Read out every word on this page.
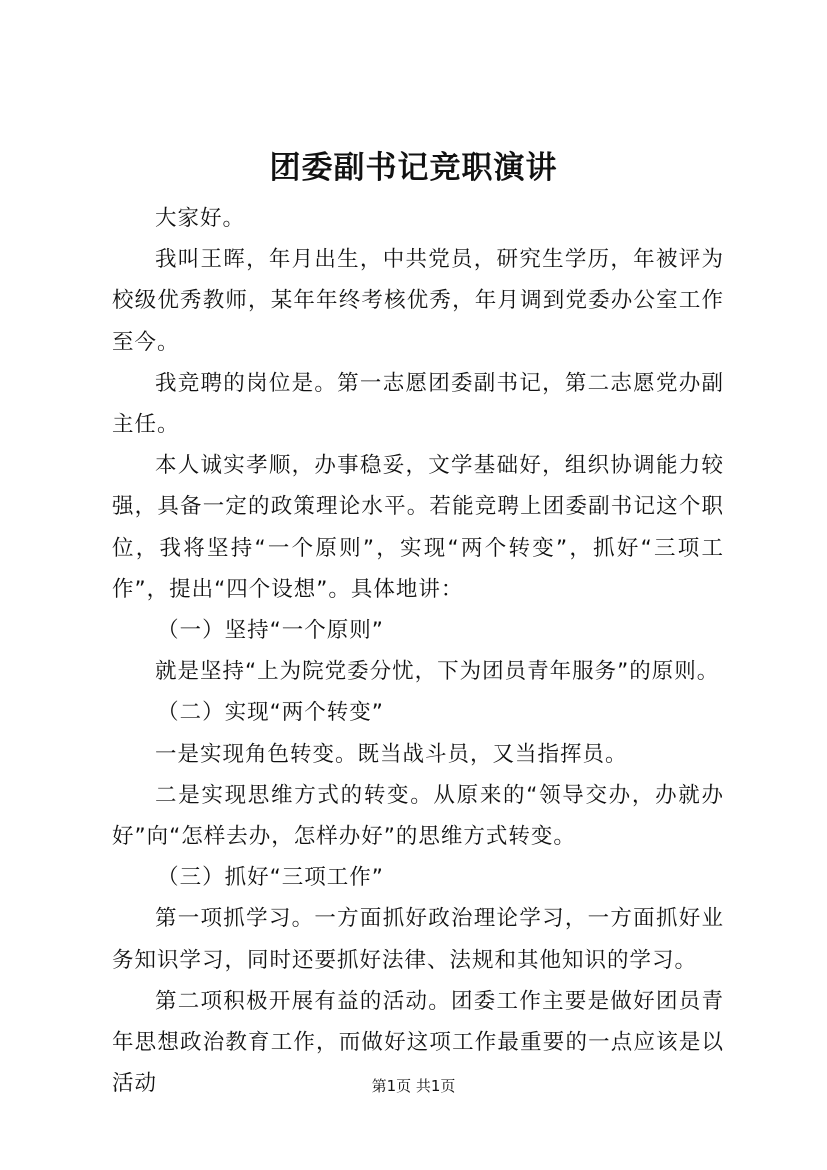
团委副书记竞职演讲

大家好。

我叫王晖，年月出生，中共党员，研究生学历，年被评为校级优秀教师，某年年终考核优秀，年月调到党委办公室工作至今。

我竞聘的岗位是。第一志愿团委副书记，第二志愿党办副主任。

本人诚实孝顺，办事稳妥，文学基础好，组织协调能力较强，具备一定的政策理论水平。若能竞聘上团委副书记这个职位，我将坚持“一个原则”，实现“两个转变”，抓好“三项工作”，提出“四个设想”。具体地讲：

（一）坚持“一个原则”

就是坚持“上为院党委分忧，下为团员青年服务”的原则。

（二）实现“两个转变”

一是实现角色转变。既当战斗员，又当指挥员。

二是实现思维方式的转变。从原来的“领导交办，办就办好”向“怎样去办，怎样办好”的思维方式转变。

（三）抓好“三项工作”

第一项抓学习。一方面抓好政治理论学习，一方面抓好业务知识学习，同时还要抓好法律、法规和其他知识的学习。

第二项积极开展有益的活动。团委工作主要是做好团员青年思想政治教育工作，而做好这项工作最重要的一点应该是以活动	第1页 共1页
